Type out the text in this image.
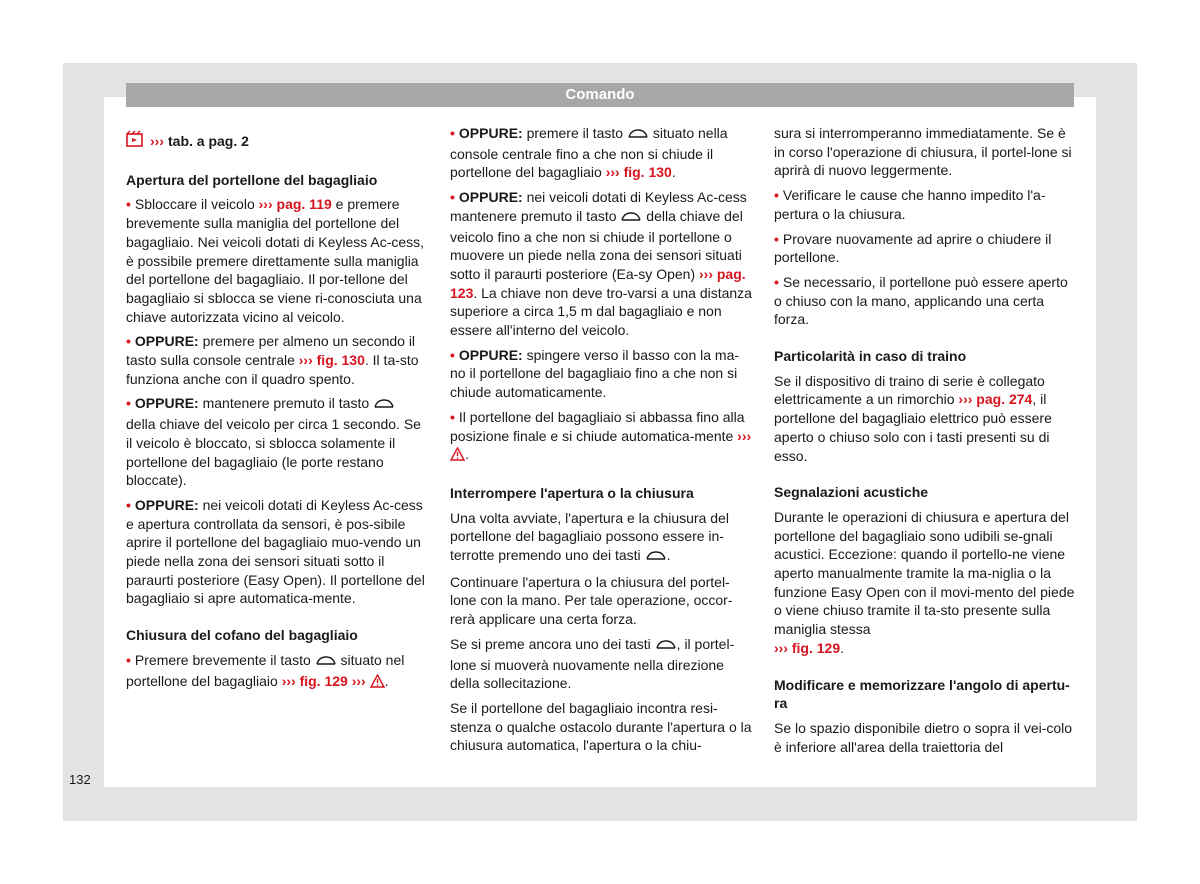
Comando
››› tab. a pag. 2
Apertura del portellone del bagagliaio

• Sbloccare il veicolo ››› pag. 119 e premere brevemente sulla maniglia del portellone del bagagliaio. Nei veicoli dotati di Keyless Ac-cess, è possibile premere direttamente sulla maniglia del portellone del bagagliaio. Il por-tellone del bagagliaio si sblocca se viene ri-conosciuta una chiave autorizzata vicino al veicolo.

• OPPURE: premere per almeno un secondo il tasto sulla console centrale ››› fig. 130. Il ta-sto funziona anche con il quadro spento.

• OPPURE: mantenere premuto il tasto  della chiave del veicolo per circa 1 secondo. Se il veicolo è bloccato, si sblocca solamente il portellone del bagagliaio (le porte restano bloccate).

• OPPURE: nei veicoli dotati di Keyless Ac-cess e apertura controllata da sensori, è pos-sibile aprire il portellone del bagagliaio muo-vendo un piede nella zona dei sensori situati sotto il paraurti posteriore (Easy Open). Il portellone del bagagliaio si apre automatica-mente.

Chiusura del cofano del bagagliaio

• Premere brevemente il tasto  situato nel portellone del bagagliaio ››› fig. 129 ››› .

• OPPURE: premere il tasto  situato nella console centrale fino a che non si chiude il portellone del bagagliaio ››› fig. 130.

• OPPURE: nei veicoli dotati di Keyless Ac-cess mantenere premuto il tasto  della chiave del veicolo fino a che non si chiude il portellone o muovere un piede nella zona dei sensori situati sotto il paraurti posteriore (Ea-sy Open) ››› pag. 123. La chiave non deve tro-varsi a una distanza superiore a circa 1,5 m dal bagagliaio e non essere all'interno del veicolo.

• OPPURE: spingere verso il basso con la ma-no il portellone del bagagliaio fino a che non si chiude automaticamente.

• Il portellone del bagagliaio si abbassa fino alla posizione finale e si chiude automatica-mente ››› .

Interrompere l'apertura o la chiusura

Una volta avviate, l'apertura e la chiusura del portellone del bagagliaio possono essere in-terrotte premendo uno dei tasti .

Continuare l'apertura o la chiusura del portel-lone con la mano. Per tale operazione, occor-rerà applicare una certa forza.

Se si preme ancora uno dei tasti , il portel-lone si muoverà nuovamente nella direzione della sollecitazione.

Se il portellone del bagagliaio incontra resi-stenza o qualche ostacolo durante l'apertura o la chiusura automatica, l'apertura o la chiu-

sura si interromperanno immediatamente. Se è in corso l'operazione di chiusura, il portel-lone si aprirà di nuovo leggermente.

• Verificare le cause che hanno impedito l'a-pertura o la chiusura.

• Provare nuovamente ad aprire o chiudere il portellone.

• Se necessario, il portellone può essere aperto o chiuso con la mano, applicando una certa forza.

Particolarità in caso di traino

Se il dispositivo di traino di serie è collegato elettricamente a un rimorchio ››› pag. 274, il portellone del bagagliaio elettrico può essere aperto o chiuso solo con i tasti presenti su di esso.

Segnalazioni acustiche

Durante le operazioni di chiusura e apertura del portellone del bagagliaio sono udibili se-gnali acustici. Eccezione: quando il portello-ne viene aperto manualmente tramite la ma-niglia o la funzione Easy Open con il movi-mento del piede o viene chiuso tramite il ta-sto presente sulla maniglia stessa
››› fig. 129.

Modificare e memorizzare l'angolo di apertu-ra

Se lo spazio disponibile dietro o sopra il vei-colo è inferiore all'area della traiettoria del

132
